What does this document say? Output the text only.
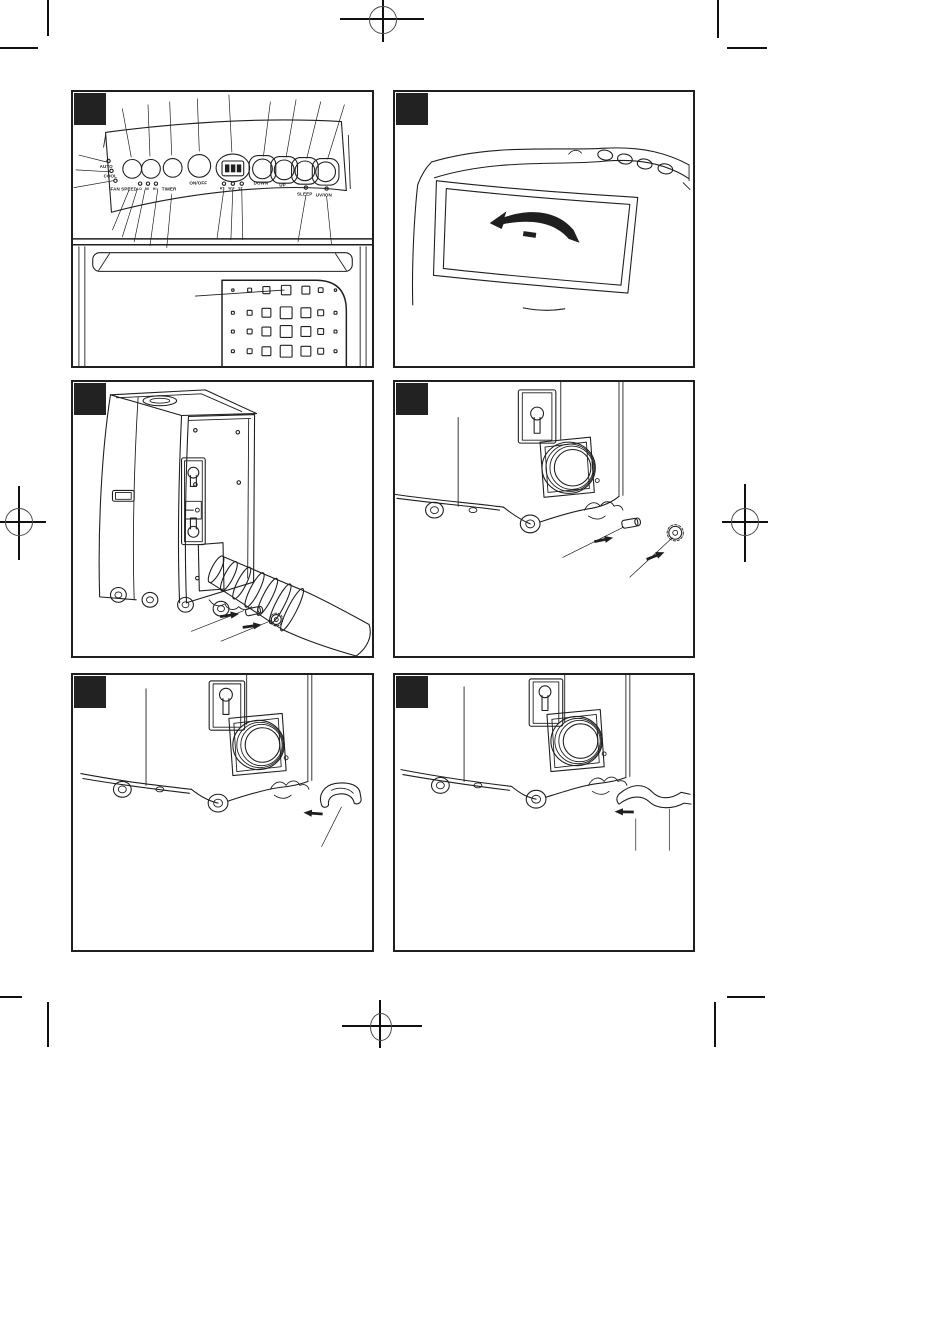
AUTO
COOL
FAN SPEED LO MI HI TIMER
ON/OFF
RT W.F ST
DOWN UP
SLEEP UV/ION
